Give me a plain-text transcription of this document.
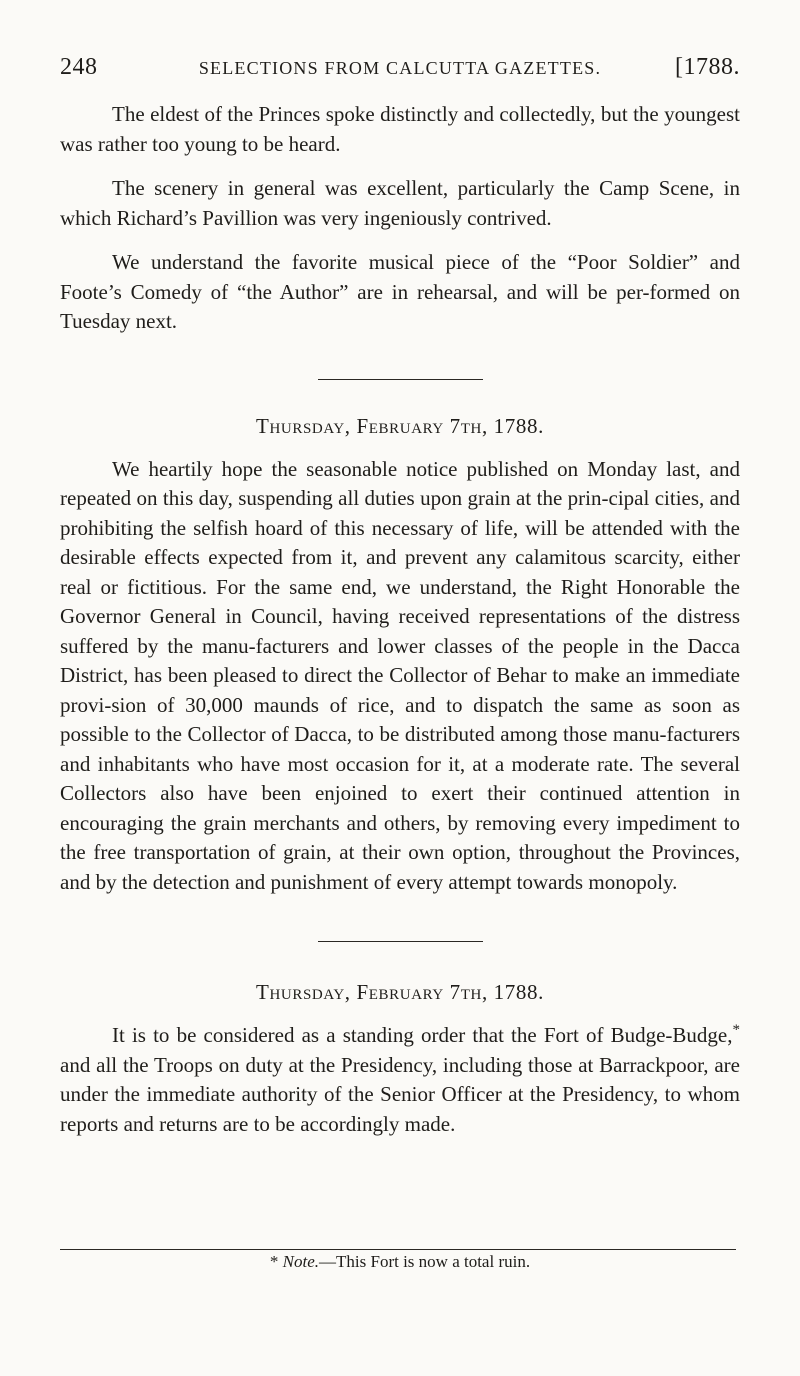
248	SELECTIONS FROM CALCUTTA GAZETTES.	[1788.

The eldest of the Princes spoke distinctly and collectedly, but the youngest was rather too young to be heard.

The scenery in general was excellent, particularly the Camp Scene, in which Richard’s Pavillion was very ingeniously contrived.

We understand the favorite musical piece of the “Poor Soldier” and Foote’s Comedy of “the Author” are in rehearsal, and will be per-formed on Tuesday next.

Thursday, February 7th, 1788.

We heartily hope the seasonable notice published on Monday last, and repeated on this day, suspending all duties upon grain at the prin-cipal cities, and prohibiting the selfish hoard of this necessary of life, will be attended with the desirable effects expected from it, and prevent any calamitous scarcity, either real or fictitious. For the same end, we understand, the Right Honorable the Governor General in Council, having received representations of the distress suffered by the manu-facturers and lower classes of the people in the Dacca District, has been pleased to direct the Collector of Behar to make an immediate provi-sion of 30,000 maunds of rice, and to dispatch the same as soon as possible to the Collector of Dacca, to be distributed among those manu-facturers and inhabitants who have most occasion for it, at a moderate rate. The several Collectors also have been enjoined to exert their continued attention in encouraging the grain merchants and others, by removing every impediment to the free transportation of grain, at their own option, throughout the Provinces, and by the detection and punishment of every attempt towards monopoly.

Thursday, February 7th, 1788.

It is to be considered as a standing order that the Fort of Budge-Budge,* and all the Troops on duty at the Presidency, including those at Barrackpoor, are under the immediate authority of the Senior Officer at the Presidency, to whom reports and returns are to be accordingly made.

* Note.—This Fort is now a total ruin.
